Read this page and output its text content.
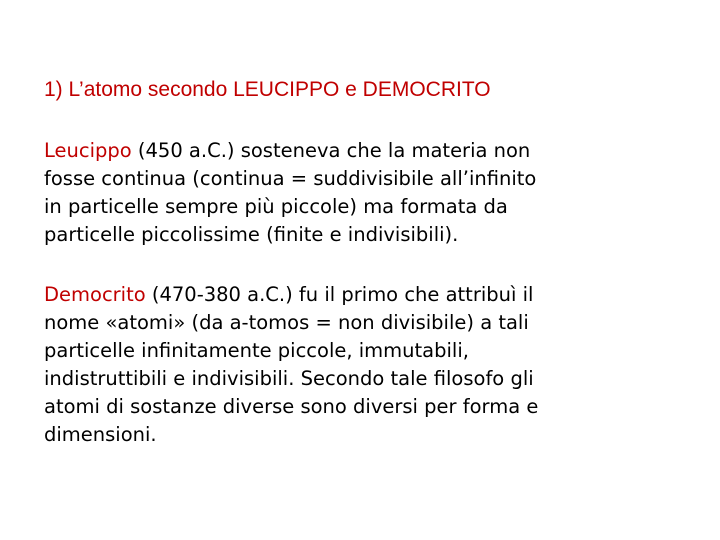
1) L’atomo secondo LEUCIPPO e DEMOCRITO

Leucippo (450 a.C.) sosteneva che la materia non
fosse continua (continua = suddivisibile all’infinito
in particelle sempre più piccole) ma formata da
particelle piccolissime (finite e indivisibili).

Democrito (470-380 a.C.) fu il primo che attribuì il
nome «atomi» (da a-tomos = non divisibile) a tali
particelle infinitamente piccole, immutabili,
indistruttibili e indivisibili. Secondo tale filosofo gli
atomi di sostanze diverse sono diversi per forma e
dimensioni.
